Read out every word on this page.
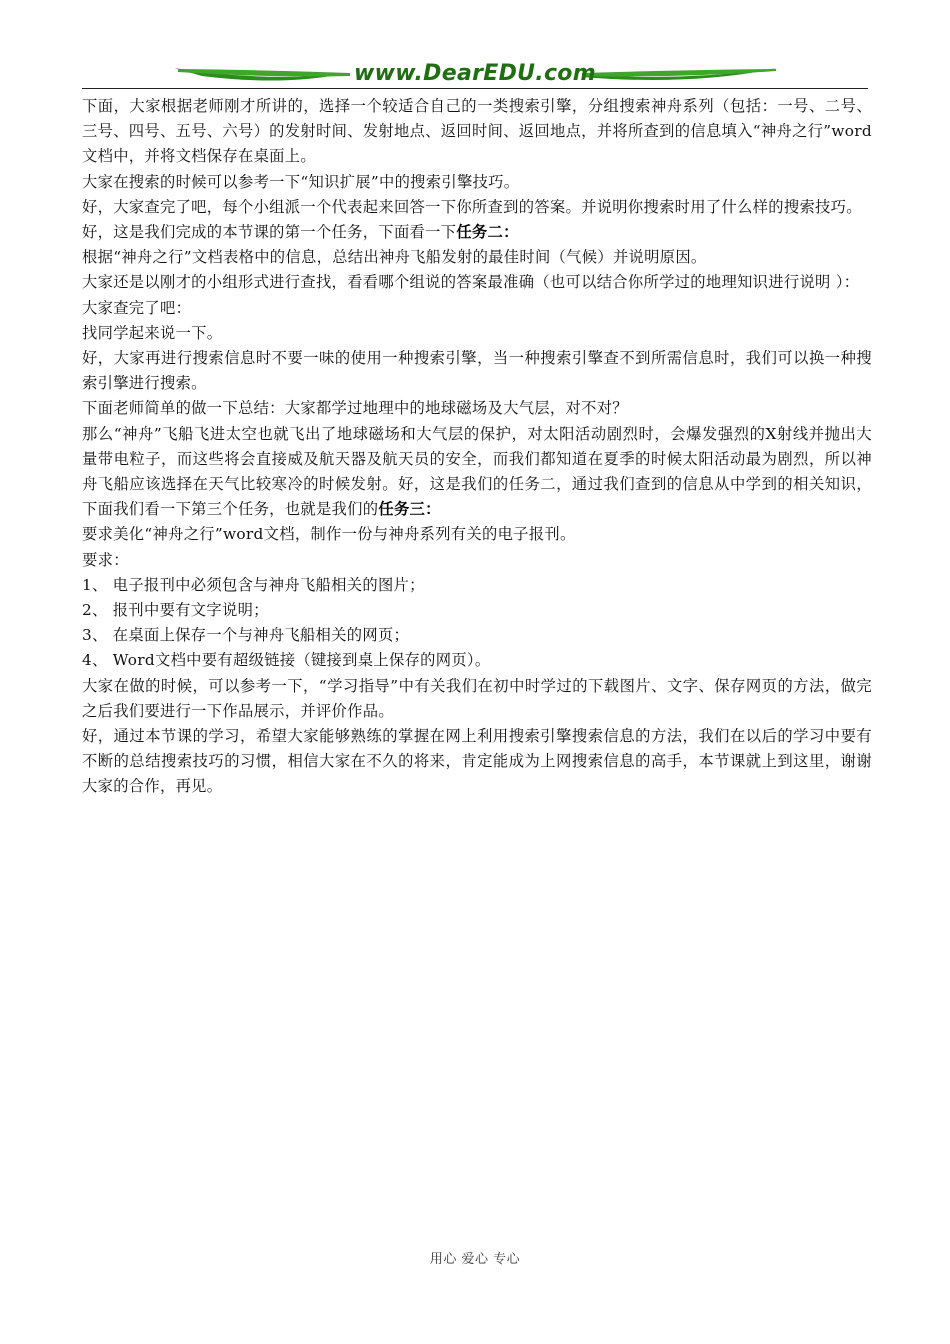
www.DearEDU.com

下面，大家根据老师刚才所讲的，选择一个较适合自己的一类搜索引擎，分组搜索神舟系列（包括：一号、二号、三号、四号、五号、六号）的发射时间、发射地点、返回时间、返回地点，并将所查到的信息填入“神舟之行”word文档中，并将文档保存在桌面上。

大家在搜索的时候可以参考一下“知识扩展”中的搜索引擎技巧。

好，大家查完了吧，每个小组派一个代表起来回答一下你所查到的答案。并说明你搜索时用了什么样的搜索技巧。

好，这是我们完成的本节课的第一个任务，下面看一下任务二：

根据“神舟之行”文档表格中的信息，总结出神舟飞船发射的最佳时间（气候）并说明原因。

大家还是以刚才的小组形式进行查找，看看哪个组说的答案最准确（也可以结合你所学过的地理知识进行说明 ）：

大家查完了吧：

找同学起来说一下。

好，大家再进行搜索信息时不要一味的使用一种搜索引擎，当一种搜索引擎查不到所需信息时，我们可以换一种搜索引擎进行搜索。

下面老师简单的做一下总结：大家都学过地理中的地球磁场及大气层，对不对？

那么“神舟”飞船飞进太空也就飞出了地球磁场和大气层的保护，对太阳活动剧烈时，会爆发强烈的X射线并抛出大量带电粒子，而这些将会直接威及航天器及航天员的安全，而我们都知道在夏季的时候太阳活动最为剧烈，所以神舟飞船应该选择在天气比较寒冷的时候发射。好，这是我们的任务二，通过我们查到的信息从中学到的相关知识，下面我们看一下第三个任务，也就是我们的任务三：

要求美化“神舟之行”word文档，制作一份与神舟系列有关的电子报刊。

要求：

1、 电子报刊中必须包含与神舟飞船相关的图片；

2、 报刊中要有文字说明；

3、 在桌面上保存一个与神舟飞船相关的网页；

4、 Word文档中要有超级链接（键接到桌上保存的网页）。

大家在做的时候，可以参考一下，“学习指导”中有关我们在初中时学过的下载图片、文字、保存网页的方法，做完之后我们要进行一下作品展示，并评价作品。

好，通过本节课的学习，希望大家能够熟练的掌握在网上利用搜索引擎搜索信息的方法，我们在以后的学习中要有不断的总结搜索技巧的习惯，相信大家在不久的将来，肯定能成为上网搜索信息的高手，本节课就上到这里，谢谢大家的合作，再见。

用心 爱心 专心
